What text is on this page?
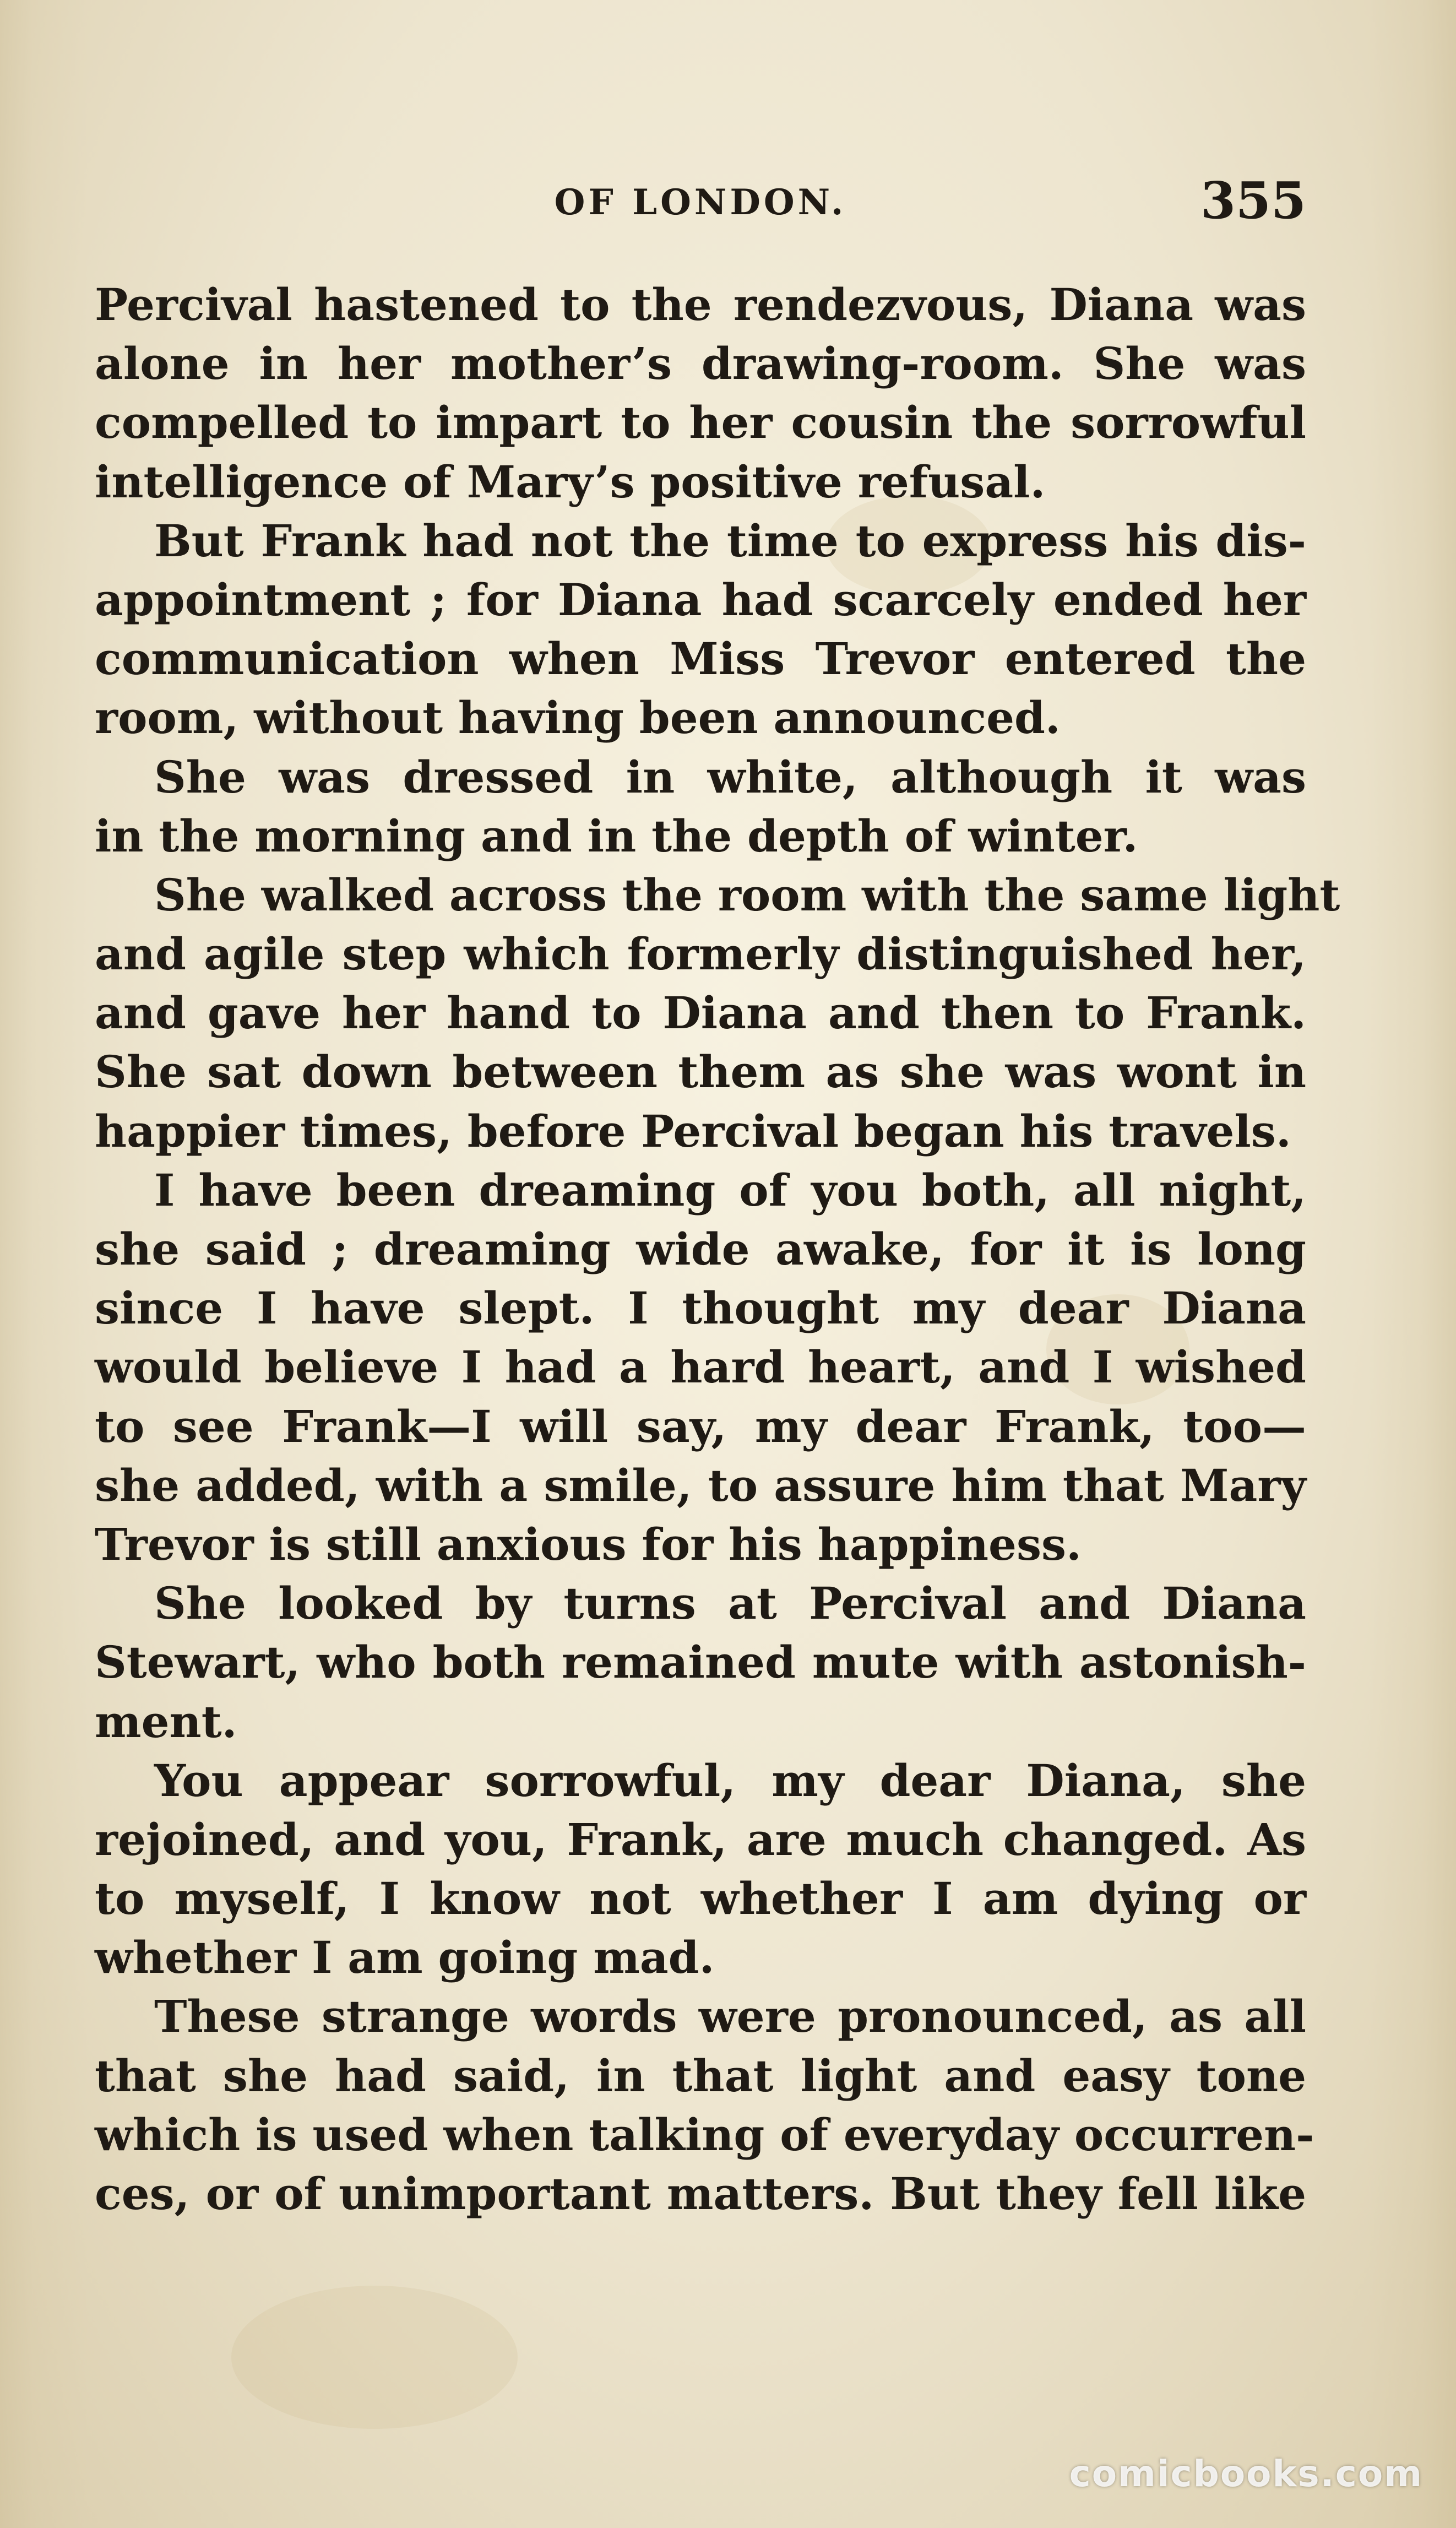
OF LONDON.	355
Percival hastened to the rendezvous, Diana was
alone in her mother’s drawing-room. She was
compelled to impart to her cousin the sorrowful
intelligence of Mary’s positive refusal.
But Frank had not the time to express his dis-
appointment ; for Diana had scarcely ended her
communication when Miss Trevor entered the
room, without having been announced.
She was dressed in white, although it was
in the morning and in the depth of winter.
She walked across the room with the same light
and agile step which formerly distinguished her,
and gave her hand to Diana and then to Frank.
She sat down between them as she was wont in
happier times, before Percival began his travels.
I have been dreaming of you both, all night,
she said ; dreaming wide awake, for it is long
since I have slept. I thought my dear Diana
would believe I had a hard heart, and I wished
to see Frank—I will say, my dear Frank, too—
she added, with a smile, to assure him that Mary
Trevor is still anxious for his happiness.
She looked by turns at Percival and Diana
Stewart, who both remained mute with astonish-
ment.
You appear sorrowful, my dear Diana, she
rejoined, and you, Frank, are much changed. As
to myself, I know not whether I am dying or
whether I am going mad.
These strange words were pronounced, as all
that she had said, in that light and easy tone
which is used when talking of everyday occurren-
ces, or of unimportant matters. But they fell like
comicbooks.com
